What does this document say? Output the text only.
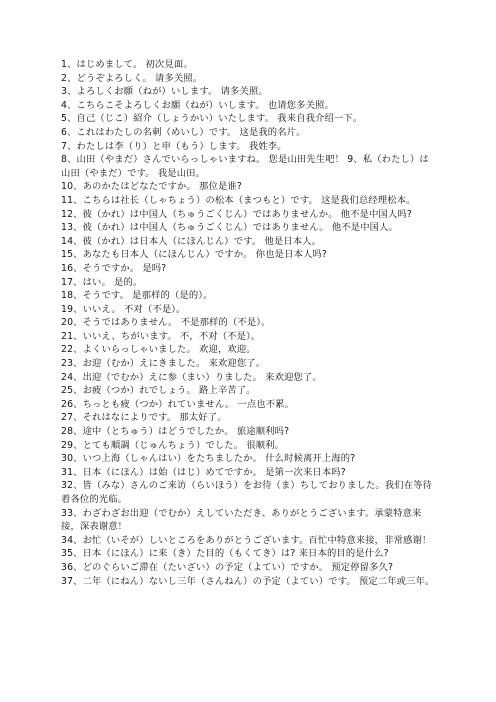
1、はじめまして。 初次見面。

2、どうぞよろしく。 请多关照。

3、よろしくお願（ねが）いします。 请多关照。

4、こちらこそよろしくお願（ねが）いします。 也请您多关照。

5、自己（じこ）紹介（しょうかい）いたします。 我来自我介绍一下。

6、これはわたしの名刺（めいし）です。 这是我的名片。

7、わたしは李（り）と申（もう）します。 我姓李。

8、山田（やまだ）さんでいらっしゃいますね。 您是山田先生吧！ 9、私（わたし）は山田（やまだ）です。 我是山田。

10、あのかたはどなたですか。 那位是谁?

11、こちらは社长（しゃちょう）の松本（まつもと）です。 这是我们总经理松本。

12、彼（かれ）は中国人（ちゅうごくじん）ではありませんか。 他不是中国人吗?

13、彼（かれ）は中国人（ちゅうごくじん）ではありません。 他不是中国人。

14、彼（かれ）は日本人（にほんじん）です。 他是日本人。

15、あなたも日本人（にほんじん）ですか。 你也是日本人吗?

16、そうですか。 是吗?

17、はい。 是的。

18、そうです。 是那样的（是的）。

19、いいえ。 不对（不是）。

20、そうではありません。 不是那样的（不是）。

21、いいえ、ちがいます。 不，不对（不是）。

22、よくいらっしゃいました。 欢迎，欢迎。

23、お迎（むか）えにきました。 来欢迎您了。

24、出迎（でむか）えに参（まい）りました。 来欢迎您了。

25、お疲（つか）れでしょう。 路上辛苦了。

26、ちっとも疲（つか）れていません。 一点也不累。

27、それはなによりです。 那太好了。

28、途中（とちゅう）はどうでしたか。 旅途顺利吗?

29、とても順調（じゅんちょう）でした。 很顺利。

30、いつ上海（しゃんはい）をたちましたか。 什么时候离开上海的?

31、日本（にほん）は始（はじ）めてですか。 是第一次来日本吗?

32、皆（みな）さんのご来访（らいほう）をお待（ま）ちしておりました。我们在等待着各位的光临。

33、わざわざお出迎（でむか）えしていただき、ありがとうございます。承蒙特意来接，深表谢意！

34、お忙（いそが）しいところをありがとうございます。百忙中特意来接，非常感谢！

35、日本（にほん）に来（き）た目的（もくてき）は? 来日本的目的是什么?

36、どのぐらいご滞在（たいざい）の予定（よてい）ですか。 预定停留多久?

37、二年（にねん）ないし三年（さんねん）の予定（よてい）です。 预定二年或三年。
